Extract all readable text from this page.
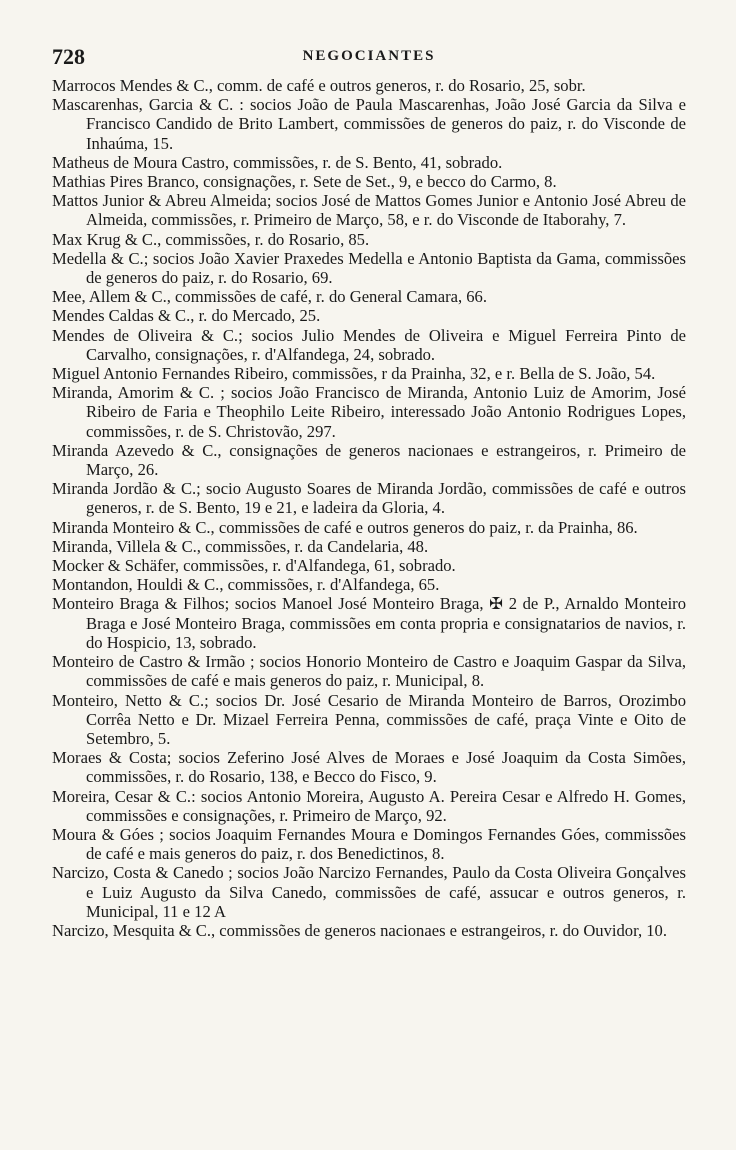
728	NEGOCIANTES

Marrocos Mendes & C., comm. de café e outros generos, r. do Rosario, 25, sobr.

Mascarenhas, Garcia & C. : socios João de Paula Mascarenhas, João José Garcia da Silva e Francisco Candido de Brito Lambert, commissões de generos do paiz, r. do Visconde de Inhaúma, 15.

Matheus de Moura Castro, commissões, r. de S. Bento, 41, sobrado.

Mathias Pires Branco, consignações, r. Sete de Set., 9, e becco do Carmo, 8.

Mattos Junior & Abreu Almeida; socios José de Mattos Gomes Junior e Antonio José Abreu de Almeida, commissões, r. Primeiro de Março, 58, e r. do Visconde de Itaborahy, 7.

Max Krug & C., commissões, r. do Rosario, 85.

Medella & C.; socios João Xavier Praxedes Medella e Antonio Baptista da Gama, commissões de generos do paiz, r. do Rosario, 69.

Mee, Allem & C., commissões de café, r. do General Camara, 66.

Mendes Caldas & C., r. do Mercado, 25.

Mendes de Oliveira & C.; socios Julio Mendes de Oliveira e Miguel Ferreira Pinto de Carvalho, consignações, r. d'Alfandega, 24, sobrado.

Miguel Antonio Fernandes Ribeiro, commissões, r da Prainha, 32, e r. Bella de S. João, 54.

Miranda, Amorim & C. ; socios João Francisco de Miranda, Antonio Luiz de Amorim, José Ribeiro de Faria e Theophilo Leite Ribeiro, interessado João Antonio Rodrigues Lopes, commissões, r. de S. Christovão, 297.

Miranda Azevedo & C., consignações de generos nacionaes e estrangeiros, r. Primeiro de Março, 26.

Miranda Jordão & C.; socio Augusto Soares de Miranda Jordão, commissões de café e outros generos, r. de S. Bento, 19 e 21, e ladeira da Gloria, 4.

Miranda Monteiro & C., commissões de café e outros generos do paiz, r. da Prainha, 86.

Miranda, Villela & C., commissões, r. da Candelaria, 48.

Mocker & Schäfer, commissões, r. d'Alfandega, 61, sobrado.

Montandon, Houldi & C., commissões, r. d'Alfandega, 65.

Monteiro Braga & Filhos; socios Manoel José Monteiro Braga, ✠ 2 de P., Arnaldo Monteiro Braga e José Monteiro Braga, commissões em conta propria e consignatarios de navios, r. do Hospicio, 13, sobrado.

Monteiro de Castro & Irmão ; socios Honorio Monteiro de Castro e Joaquim Gaspar da Silva, commissões de café e mais generos do paiz, r. Municipal, 8.

Monteiro, Netto & C.; socios Dr. José Cesario de Miranda Monteiro de Barros, Orozimbo Corrêa Netto e Dr. Mizael Ferreira Penna, commissões de café, praça Vinte e Oito de Setembro, 5.

Moraes & Costa; socios Zeferino José Alves de Moraes e José Joaquim da Costa Simões, commissões, r. do Rosario, 138, e Becco do Fisco, 9.

Moreira, Cesar & C.: socios Antonio Moreira, Augusto A. Pereira Cesar e Alfredo H. Gomes, commissões e consignações, r. Primeiro de Março, 92.

Moura & Góes ; socios Joaquim Fernandes Moura e Domingos Fernandes Góes, commissões de café e mais generos do paiz, r. dos Benedictinos, 8.

Narcizo, Costa & Canedo ; socios João Narcizo Fernandes, Paulo da Costa Oliveira Gonçalves e Luiz Augusto da Silva Canedo, commissões de café, assucar e outros generos, r. Municipal, 11 e 12 A

Narcizo, Mesquita & C., commissões de generos nacionaes e estrangeiros, r. do Ouvidor, 10.
